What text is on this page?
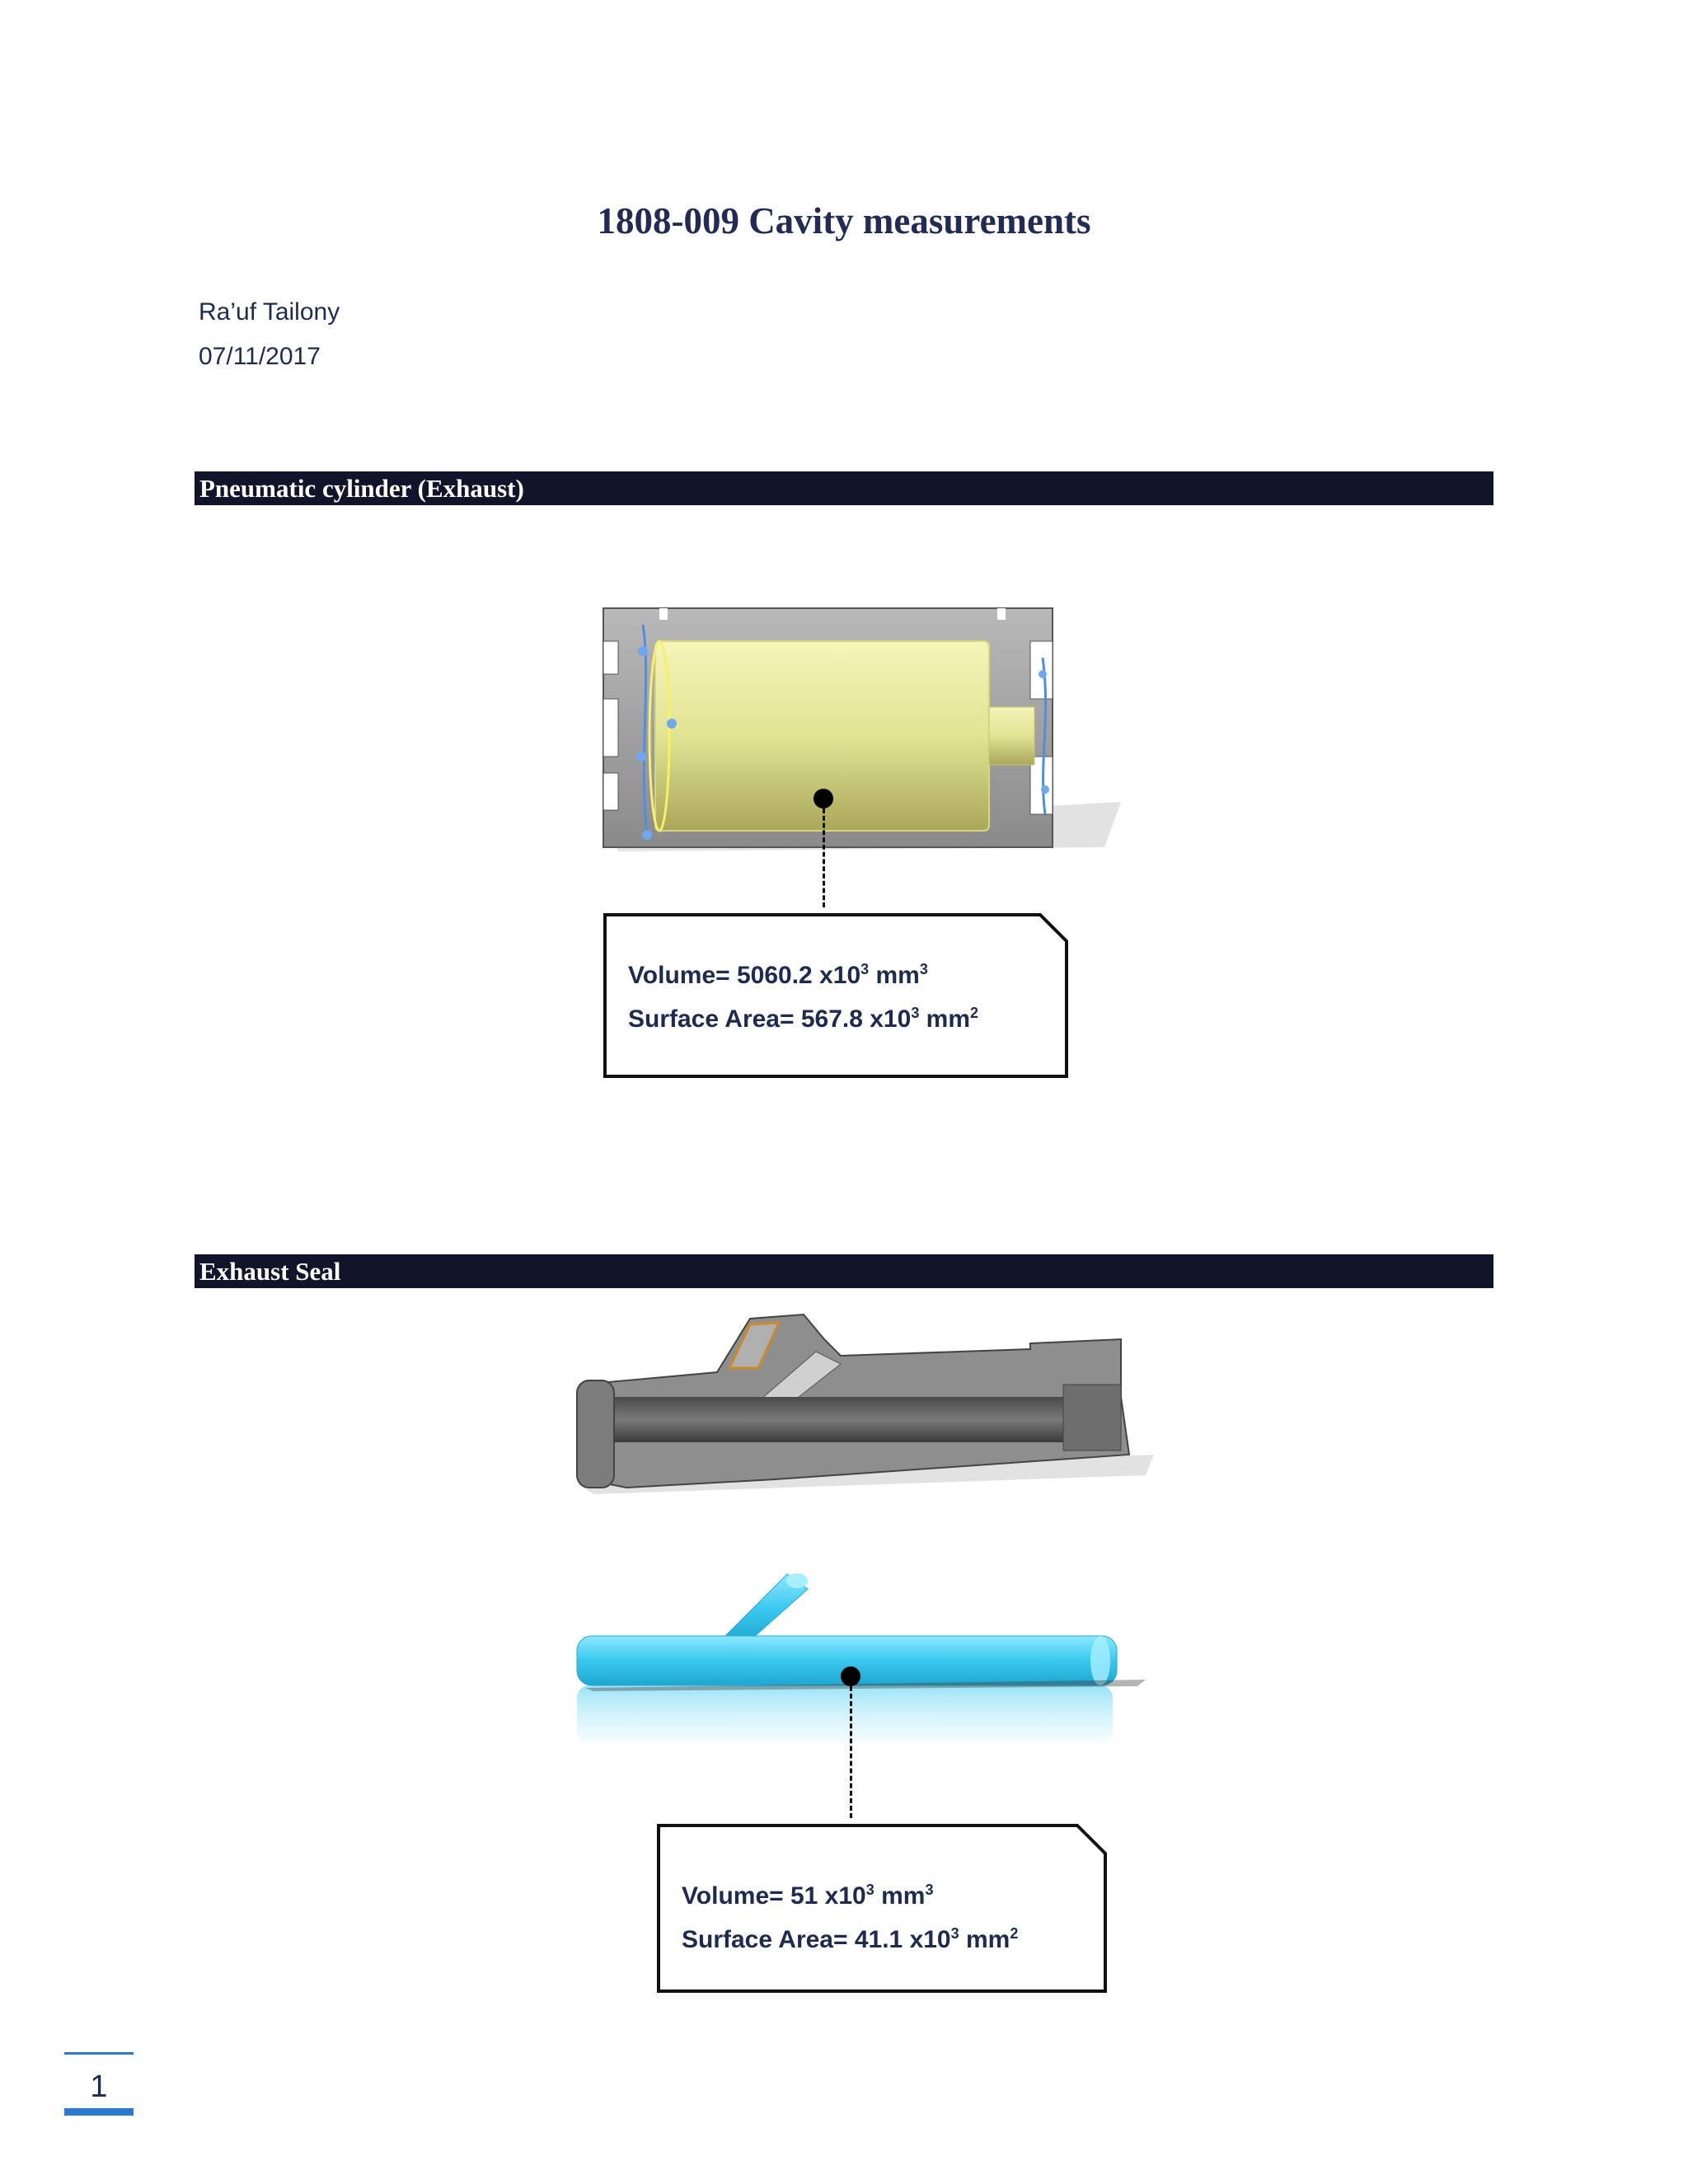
1808-009 Cavity measurements
Ra’uf Tailony
07/11/2017
Pneumatic cylinder (Exhaust)
Volume= 5060.2 $x10^3$ $mm^3$
Surface Area= 567.8 $x10^3$ $mm^2$
Exhaust Seal
Volume= 51 $x10^3$ $mm^3$
Surface Area= 41.1 $x10^3$ $mm^2$
1
